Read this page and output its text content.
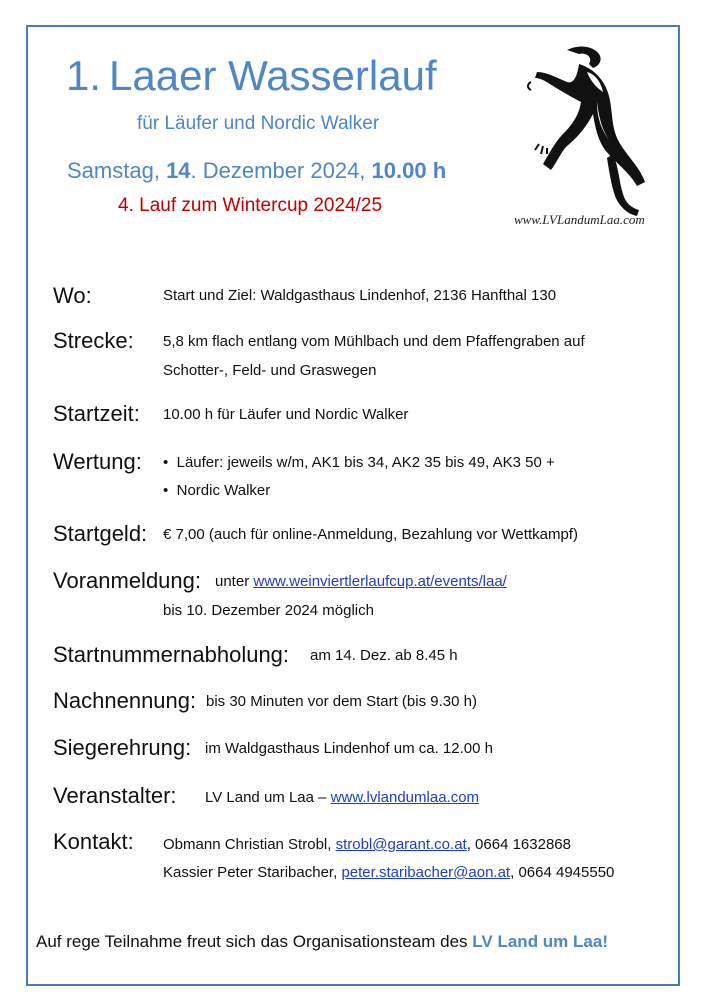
1. Laaer Wasserlauf
für Läufer und Nordic Walker
Samstag, 14. Dezember 2024, 10.00 h
4. Lauf zum Wintercup 2024/25
www.LVLandumLaa.com
Wo:	Start und Ziel: Waldgasthaus Lindenhof, 2136 Hanfthal 130
Strecke: 5,8 km flach entlang vom Mühlbach und dem Pfaffengraben auf
Schotter-, Feld- und Graswegen
Startzeit: 10.00 h für Läufer und Nordic Walker
Wertung: • Läufer: jeweils w/m, AK1 bis 34, AK2 35 bis 49, AK3 50 +
• Nordic Walker
Startgeld: € 7,00 (auch für online-Anmeldung, Bezahlung vor Wettkampf)
Voranmeldung: unter www.weinviertlerlaufcup.at/events/laa/
bis 10. Dezember 2024 möglich
Startnummernabholung: am 14. Dez. ab 8.45 h
Nachnennung: bis 30 Minuten vor dem Start (bis 9.30 h)
Siegerehrung: im Waldgasthaus Lindenhof um ca. 12.00 h
Veranstalter: LV Land um Laa – www.lvlandumlaa.com
Kontakt: Obmann Christian Strobl, strobl@garant.co.at, 0664 1632868
Kassier Peter Staribacher, peter.staribacher@aon.at, 0664 4945550
Auf rege Teilnahme freut sich das Organisationsteam des LV Land um Laa!
